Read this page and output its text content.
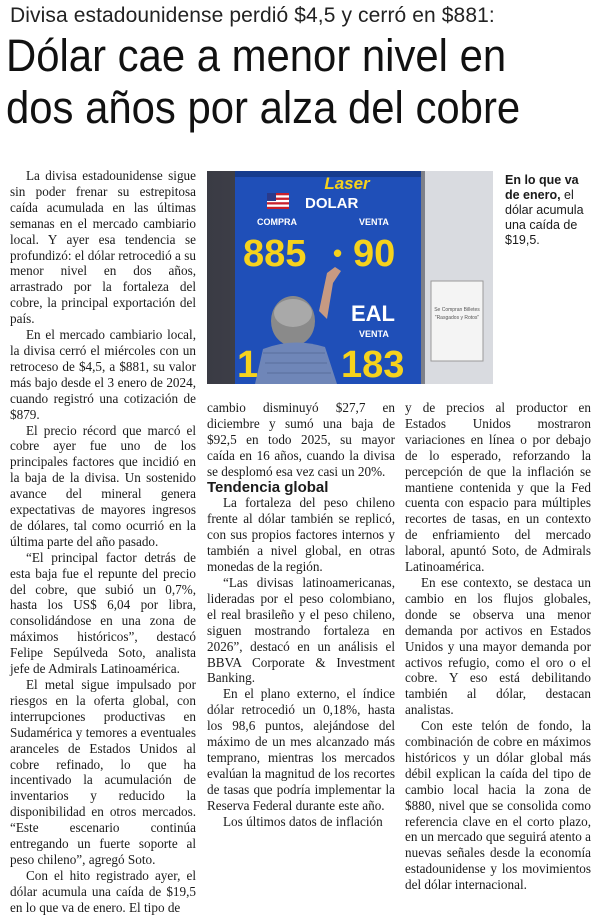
Divisa estadounidense perdió $4,5 y cerró en $881:
Dólar cae a menor nivel en
dos años por alza del cobre

La divisa estadounidense sigue sin poder frenar su estrepitosa caída acumulada en las últimas semanas en el mercado cambiario local. Y ayer esa tendencia se profundizó: el dólar retrocedió a su menor nivel en dos años, arrastrado por la fortaleza del cobre, la principal exportación del país.

En el mercado cambiario local, la divisa cerró el miércoles con un retroceso de $4,5, a $881, su valor más bajo desde el 3 enero de 2024, cuando registró una cotización de $879.

El precio récord que marcó el cobre ayer fue uno de los principales factores que incidió en la baja de la divisa. Un sostenido avance del mineral genera expectativas de mayores ingresos de dólares, tal como ocurrió en la última parte del año pasado.

“El principal factor detrás de esta baja fue el repunte del precio del cobre, que subió un 0,7%, hasta los US$ 6,04 por libra, consolidándose en una zona de máximos históricos”, destacó Felipe Sepúlveda Soto, analista jefe de Admirals Latinoamérica.

El metal sigue impulsado por riesgos en la oferta global, con interrupciones productivas en Sudamérica y temores a eventuales aranceles de Estados Unidos al cobre refinado, lo que ha incentivado la acumulación de inventarios y reducido la disponibilidad en otros mercados. “Este escenario continúa entregando un fuerte soporte al peso chileno”, agregó Soto.

Con el hito registrado ayer, el dólar acumula una caída de $19,5 en lo que va de enero. El tipo de

Se Compran Billetes
"Rasgados y Rotos"
Laser
DOLAR
COMPRA	VENTA
885 90
•
EAL
VENTA
1 183
En lo que va de enero, el dólar acumula una caída de $19,5.

cambio disminuyó $27,7 en diciembre y sumó una baja de $92,5 en todo 2025, su mayor caída en 16 años, cuando la divisa se desplomó esa vez casi un 20%.

Tendencia global

La fortaleza del peso chileno frente al dólar también se replicó, con sus propios factores internos y también a nivel global, en otras monedas de la región.

“Las divisas latinoamericanas, lideradas por el peso colombiano, el real brasileño y el peso chileno, siguen mostrando fortaleza en 2026”, destacó en un análisis el BBVA Corporate & Investment Banking.

En el plano externo, el índice dólar retrocedió un 0,18%, hasta los 98,6 puntos, alejándose del máximo de un mes alcanzado más temprano, mientras los mercados evalúan la magnitud de los recortes de tasas que podría implementar la Reserva Federal durante este año.

Los últimos datos de inflación

y de precios al productor en Estados Unidos mostraron variaciones en línea o por debajo de lo esperado, reforzando la percepción de que la inflación se mantiene contenida y que la Fed cuenta con espacio para múltiples recortes de tasas, en un contexto de enfriamiento del mercado laboral, apuntó Soto, de Admirals Latinoamérica.

En ese contexto, se destaca un cambio en los flujos globales, donde se observa una menor demanda por activos en Estados Unidos y una mayor demanda por activos refugio, como el oro o el cobre. Y eso está debilitando también al dólar, destacan analistas.

Con este telón de fondo, la combinación de cobre en máximos históricos y un dólar global más débil explican la caída del tipo de cambio local hacia la zona de $880, nivel que se consolida como referencia clave en el corto plazo, en un mercado que seguirá atento a nuevas señales desde la economía estadounidense y los movimientos del dólar internacional.
